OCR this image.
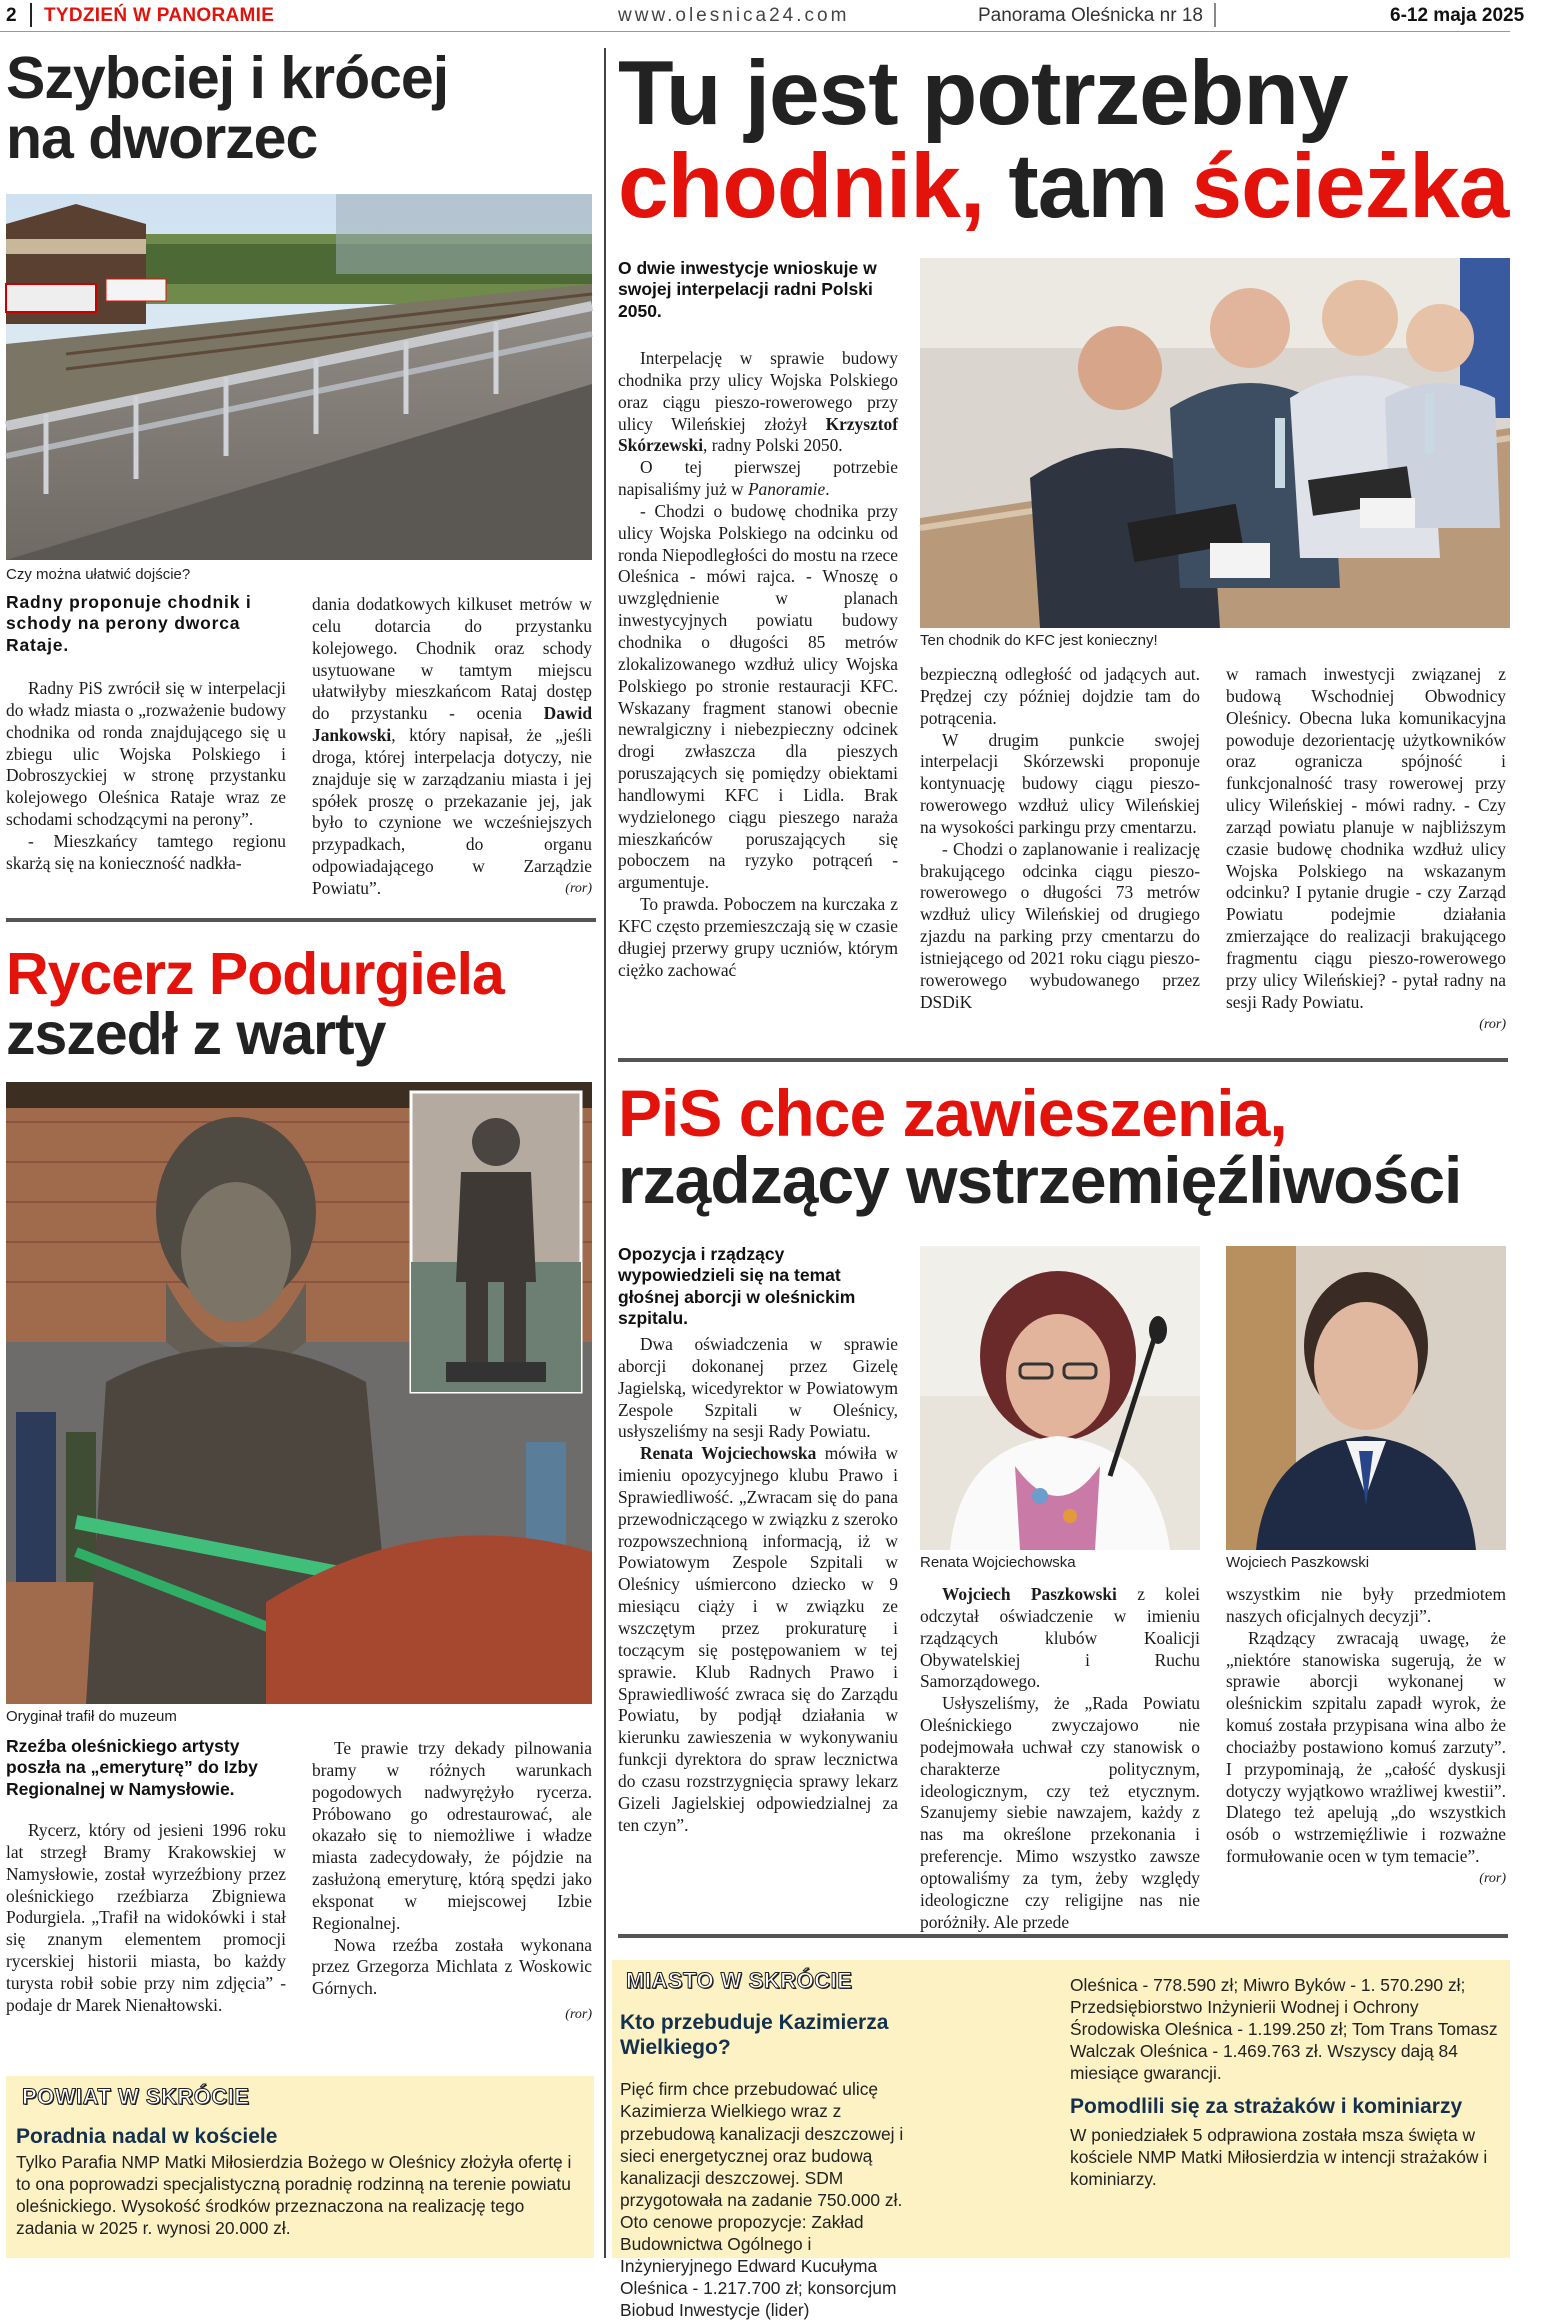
2 TYDZIEŃ W PANORAMIE	www.olesnica24.com	Panorama Oleśnicka nr 18	6-12 maja 2025
Szybciej i krócej
na dworzec
Czy można ułatwić dojście?
Radny proponuje chodnik i schody na perony dworca Rataje.

Radny PiS zwrócił się w interpelacji do władz miasta o „rozważenie budowy chodnika od ronda znajdującego się u zbiegu ulic Wojska Polskiego i Dobroszyckiej w stronę przystanku kolejowego Oleśnica Rataje wraz ze schodami schodzącymi na perony”.

- Mieszkańcy tamtego regionu skarżą się na konieczność nadkła-

dania dodatkowych kilkuset metrów w celu dotarcia do przystanku kolejowego. Chodnik oraz schody usytuowane w tamtym miejscu ułatwiłyby mieszkańcom Rataj dostęp do przystanku - ocenia Dawid Jankowski, który napisał, że „jeśli droga, której interpelacja dotyczy, nie znajduje się w zarządzaniu miasta i jej spółek proszę o przekazanie jej, jak było to czynione we wcześniejszych przypadkach, do organu odpowiadającego w Zarządzie Powiatu”.	(ror)
Tu jest potrzebny
chodnik, tam ścieżka
O dwie inwestycje wnioskuje w swojej interpelacji radni Polski 2050.

Interpelację w sprawie budowy chodnika przy ulicy Wojska Polskiego oraz ciągu pieszo-rowerowego przy ulicy Wileńskiej złożył Krzysztof Skórzewski, radny Polski 2050.

O tej pierwszej potrzebie napisaliśmy już w Panoramie.

- Chodzi o budowę chodnika przy ulicy Wojska Polskiego na odcinku od ronda Niepodległości do mostu na rzece Oleśnica - mówi rajca. - Wnoszę o uwzględnienie w planach inwestycyjnych powiatu budowy chodnika o długości 85 metrów zlokalizowanego wzdłuż ulicy Wojska Polskiego po stronie restauracji KFC. Wskazany fragment stanowi obecnie newralgiczny i niebezpieczny odcinek drogi zwłaszcza dla pieszych poruszających się pomiędzy obiektami handlowymi KFC i Lidla. Brak wydzielonego ciągu pieszego naraża mieszkańców poruszających się poboczem na ryzyko potrąceń - argumentuje.

To prawda. Poboczem na kurczaka z KFC często przemieszczają się w czasie długiej przerwy grupy uczniów, którym ciężko zachować

Ten chodnik do KFC jest konieczny!

bezpieczną odległość od jadących aut. Prędzej czy później dojdzie tam do potrącenia.

W drugim punkcie swojej interpelacji Skórzewski proponuje kontynuację budowy ciągu pieszo-rowerowego wzdłuż ulicy Wileńskiej na wysokości parkingu przy cmentarzu.

- Chodzi o zaplanowanie i realizację brakującego odcinka ciągu pieszo-rowerowego o długości 73 metrów wzdłuż ulicy Wileńskiej od drugiego zjazdu na parking przy cmentarzu do istniejącego od 2021 roku ciągu pieszo-rowerowego wybudowanego przez DSDiK

w ramach inwestycji związanej z budową Wschodniej Obwodnicy Oleśnicy. Obecna luka komunikacyjna powoduje dezorientację użytkowników oraz ogranicza spójność i funkcjonalność trasy rowerowej przy ulicy Wileńskiej - mówi radny. - Czy zarząd powiatu planuje w najbliższym czasie budowę chodnika wzdłuż ulicy Wojska Polskiego na wskazanym odcinku? I pytanie drugie - czy Zarząd Powiatu podejmie działania zmierzające do realizacji brakującego fragmentu ciągu pieszo-rowerowego przy ulicy Wileńskiej? - pytał radny na sesji Rady Powiatu.

(ror)
Rycerz Podurgiela
zszedł z warty
Oryginał trafił do muzeum
Rzeźba oleśnickiego artysty poszła na „emeryturę” do Izby Regionalnej w Namysłowie.

Rycerz, który od jesieni 1996 roku lat strzegł Bramy Krakowskiej w Namysłowie, został wyrzeźbiony przez oleśnickiego rzeźbiarza Zbigniewa Podurgiela. „Trafił na widokówki i stał się znanym elementem promocji rycerskiej historii miasta, bo każdy turysta robił sobie przy nim zdjęcia” - podaje dr Marek Nienałtowski.

Te prawie trzy dekady pilnowania bramy w różnych warunkach pogodowych nadwyrężyło rycerza. Próbowano go odrestaurować, ale okazało się to niemożliwe i władze miasta zadecydowały, że pójdzie na zasłużoną emeryturę, którą spędzi jako eksponat w miejscowej Izbie Regionalnej.

Nowa rzeźba została wykonana przez Grzegorza Michlata z Woskowic Górnych.

(ror)
PiS chce zawieszenia,
rządzący wstrzemięźliwości
Opozycja i rządzący wypowiedzieli się na temat głośnej aborcji w oleśnickim szpitalu.

Dwa oświadczenia w sprawie aborcji dokonanej przez Gizelę Jagielską, wicedyrektor w Powiatowym Zespole Szpitali w Oleśnicy, usłyszeliśmy na sesji Rady Powiatu.

Renata Wojciechowska mówiła w imieniu opozycyjnego klubu Prawo i Sprawiedliwość. „Zwracam się do pana przewodniczącego w związku z szeroko rozpowszechnioną informacją, iż w Powiatowym Zespole Szpitali w Oleśnicy uśmiercono dziecko w 9 miesiącu ciąży i w związku ze wszczętym przez prokuraturę i toczącym się postępowaniem w tej sprawie. Klub Radnych Prawo i Sprawiedliwość zwraca się do Zarządu Powiatu, by podjął działania w kierunku zawieszenia w wykonywaniu funkcji dyrektora do spraw lecznictwa do czasu rozstrzygnięcia sprawy lekarz Gizeli Jagielskiej odpowiedzialnej za ten czyn”.

Renata Wojciechowska	Wojciech Paszkowski

Wojciech Paszkowski z kolei odczytał oświadczenie w imieniu rządzących klubów Koalicji Obywatelskiej i Ruchu Samorządowego.

Usłyszeliśmy, że „Rada Powiatu Oleśnickiego zwyczajowo nie podejmowała uchwał czy stanowisk o charakterze politycznym, ideologicznym, czy też etycznym. Szanujemy siebie nawzajem, każdy z nas ma określone przekonania i preferencje. Mimo wszystko zawsze optowaliśmy za tym, żeby względy ideologiczne czy religijne nas nie poróżniły. Ale przede

wszystkim nie były przedmiotem naszych oficjalnych decyzji”.

Rządzący zwracają uwagę, że „niektóre stanowiska sugerują, że w sprawie aborcji wykonanej w oleśnickim szpitalu zapadł wyrok, że komuś została przypisana wina albo że chociażby postawiono komuś zarzuty”. I przypominają, że „całość dyskusji dotyczy wyjątkowo wrażliwej kwestii”. Dlatego też apelują „do wszystkich osób o wstrzemięźliwie i rozważne formułowanie ocen w tym temacie”.

(ror)
POWIAT W SKRÓCIE
Poradnia nadal w kościele
Tylko Parafia NMP Matki Miłosierdzia Bożego w Oleśnicy złożyła ofertę i to ona poprowadzi specjalistyczną poradnię rodzinną na terenie powiatu oleśnickiego. Wysokość środków przeznaczona na realizację tego zadania w 2025 r. wynosi 20.000 zł.
MIASTO W SKRÓCIE
Kto przebuduje Kazimierza Wielkiego?
Pięć firm chce przebudować ulicę Kazimierza Wielkiego wraz z przebudową kanalizacji deszczowej i sieci energetycznej oraz budową kanalizacji deszczowej. SDM przygotowała na zadanie 750.000 zł. Oto cenowe propozycje: Zakład Budownictwa Ogólnego i Inżynieryjnego Edward Kucułyma Oleśnica - 1.217.700 zł; konsorcjum Biobud Inwestycje (lider)
Oleśnica - 778.590 zł; Miwro Byków - 1. 570.290 zł; Przedsiębiorstwo Inżynierii Wodnej i Ochrony Środowiska Oleśnica - 1.199.250 zł; Tom Trans Tomasz Walczak Oleśnica - 1.469.763 zł. Wszyscy dają 84 miesiące gwarancji.
Pomodlili się za strażaków i kominiarzy
W poniedziałek 5 odprawiona została msza święta w kościele NMP Matki Miłosierdzia w intencji strażaków i kominiarzy.
